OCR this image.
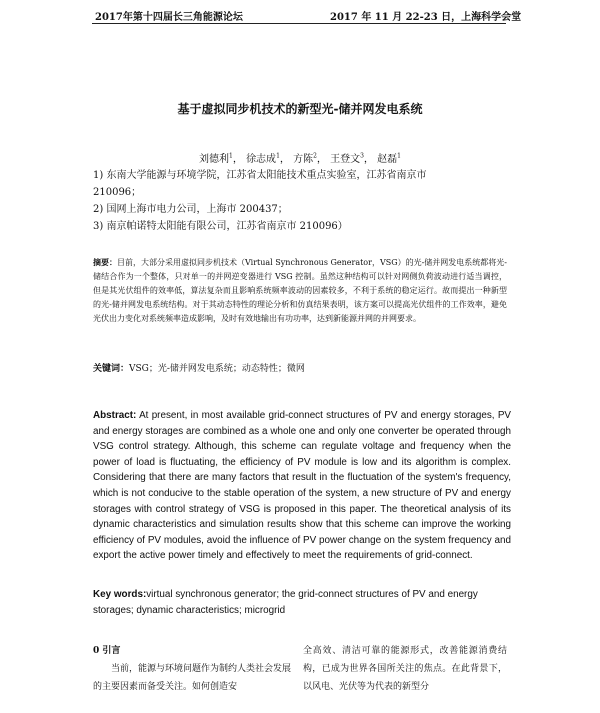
2017年第十四届长三角能源论坛	2017 年 11 月 22-23 日，上海科学会堂
基于虚拟同步机技术的新型光-储并网发电系统
刘德利$^1$， 徐志成$^1$， 方陈$^2$， 王登文$^3$， 赵磊$^1$
1) 东南大学能源与环境学院，江苏省太阳能技术重点实验室，江苏省南京市
210096；
2) 国网上海市电力公司，上海市 200437；
3) 南京帕诺特太阳能有限公司，江苏省南京市 210096）
摘要：目前，大部分采用虚拟同步机技术（Virtual Synchronous Generator，VSG）的光-储并网发电系统都将光-储结合作为一个整体，只对单一的并网逆变器进行 VSG 控制。虽然这种结构可以针对网侧负荷波动进行适当调控，但是其光伏组件的效率低，算法复杂而且影响系统频率波动的因素较多，不利于系统的稳定运行。故而提出一种新型的光-储并网发电系统结构。对于其动态特性的理论分析和仿真结果表明，该方案可以提高光伏组件的工作效率，避免光伏出力变化对系统频率造成影响，及时有效地输出有功功率，达到新能源并网的并网要求。
关键词：VSG；光-储并网发电系统；动态特性；微网
Abstract: At present, in most available grid-connect structures of PV and energy storages, PV and energy storages are combined as a whole one and only one converter be operated through VSG control strategy. Although, this scheme can regulate voltage and frequency when the power of load is fluctuating, the efficiency of PV module is low and its algorithm is complex. Considering that there are many factors that result in the fluctuation of the system's frequency, which is not conducive to the stable operation of the system, a new structure of PV and energy storages with control strategy of VSG is proposed in this paper. The theoretical analysis of its dynamic characteristics and simulation results show that this scheme can improve the working efficiency of PV modules, avoid the influence of PV power change on the system frequency and export the active power timely and effectively to meet the requirements of grid-connect.
Key words:virtual synchronous generator; the grid-connect structures of PV and energy storages; dynamic characteristics; microgrid
0 引言
当前，能源与环境问题作为制约人类社会发展的主要因素而备受关注。如何创造安
全高效、清洁可靠的能源形式，改善能源消费结构，已成为世界各国所关注的焦点。在此背景下，以风电、光伏等为代表的新型分
